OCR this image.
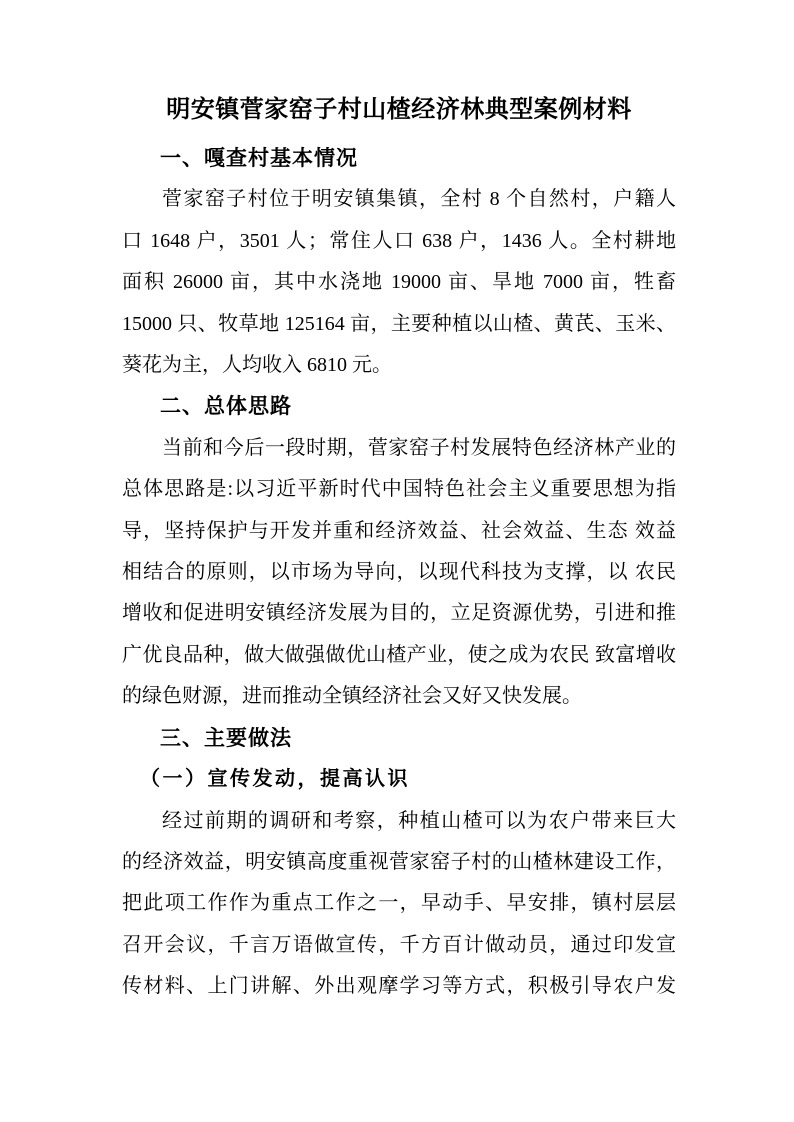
明安镇菅家窑子村山楂经济林典型案例材料
一、嘎查村基本情况
菅家窑子村位于明安镇集镇，全村 8 个自然村，户籍人
口 1648 户，3501 人；常住人口 638 户，1436 人。全村耕地
面积 26000 亩，其中水浇地 19000 亩、旱地 7000 亩，牲畜
15000 只、牧草地 125164 亩，主要种植以山楂、黄芪、玉米、
葵花为主，人均收入 6810 元。
二、总体思路
当前和今后一段时期，菅家窑子村发展特色经济林产业的
总体思路是:以习近平新时代中国特色社会主义重要思想为指
导，坚持保护与开发并重和经济效益、社会效益、生态 效益
相结合的原则，以市场为导向，以现代科技为支撑，以 农民
增收和促进明安镇经济发展为目的，立足资源优势，引进和推
广优良品种，做大做强做优山楂产业，使之成为农民 致富增收
的绿色财源，进而推动全镇经济社会又好又快发展。
三、主要做法
（一）宣传发动，提高认识
经过前期的调研和考察，种植山楂可以为农户带来巨大
的经济效益，明安镇高度重视菅家窑子村的山楂林建设工作，
把此项工作作为重点工作之一，早动手、早安排，镇村层层
召开会议，千言万语做宣传，千方百计做动员，通过印发宣
传材料、上门讲解、外出观摩学习等方式，积极引导农户发
